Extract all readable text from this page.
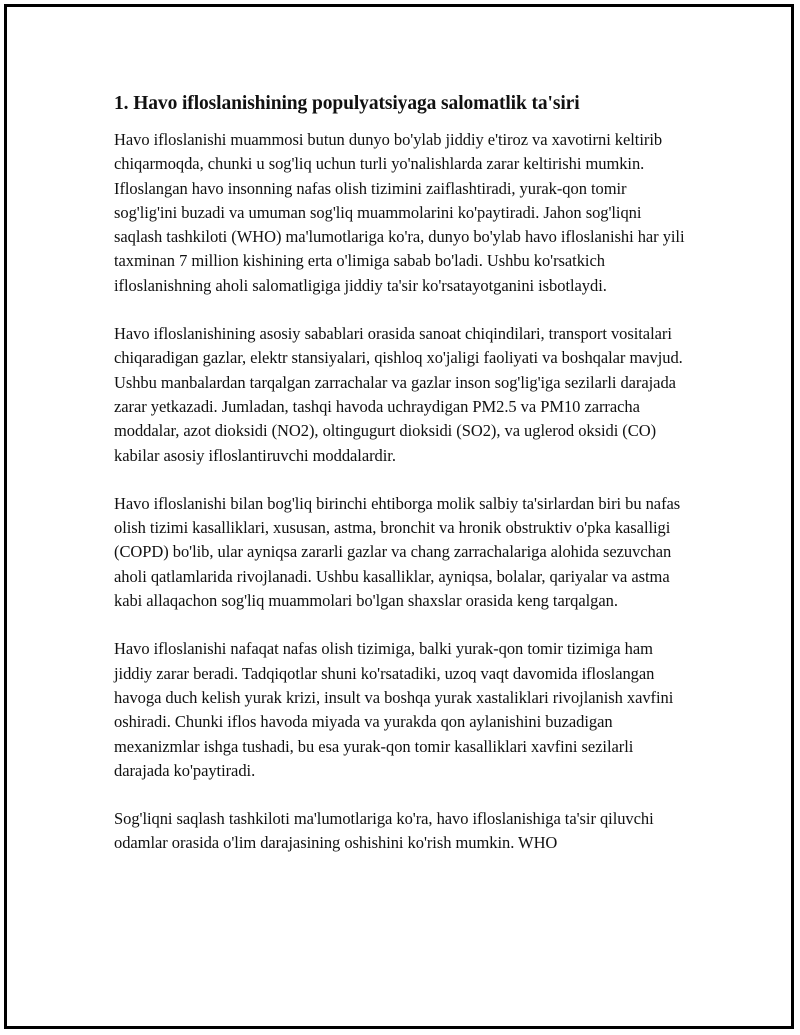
1. Havo ifloslanishining populyatsiyaga salomatlik ta'siri

Havo ifloslanishi muammosi butun dunyo bo'ylab jiddiy e'tiroz va xavotirni keltirib chiqarmoqda, chunki u sog'liq uchun turli yo'nalishlarda zarar keltirishi mumkin. Ifloslangan havo insonning nafas olish tizimini zaiflashtiradi, yurak-qon tomir sog'lig'ini buzadi va umuman sog'liq muammolarini ko'paytiradi. Jahon sog'liqni saqlash tashkiloti (WHO) ma'lumotlariga ko'ra, dunyo bo'ylab havo ifloslanishi har yili taxminan 7 million kishining erta o'limiga sabab bo'ladi. Ushbu ko'rsatkich ifloslanishning aholi salomatligiga jiddiy ta'sir ko'rsatayotganini isbotlaydi.

Havo ifloslanishining asosiy sabablari orasida sanoat chiqindilari, transport vositalari chiqaradigan gazlar, elektr stansiyalari, qishloq xo'jaligi faoliyati va boshqalar mavjud. Ushbu manbalardan tarqalgan zarrachalar va gazlar inson sog'lig'iga sezilarli darajada zarar yetkazadi. Jumladan, tashqi havoda uchraydigan PM2.5 va PM10 zarracha moddalar, azot dioksidi (NO2), oltingugurt dioksidi (SO2), va uglerod oksidi (CO) kabilar asosiy ifloslantiruvchi moddalardir.

Havo ifloslanishi bilan bog'liq birinchi ehtiborga molik salbiy ta'sirlardan biri bu nafas olish tizimi kasalliklari, xususan, astma, bronchit va hronik obstruktiv o'pka kasalligi (COPD) bo'lib, ular ayniqsa zararli gazlar va chang zarrachalariga alohida sezuvchan aholi qatlamlarida rivojlanadi. Ushbu kasalliklar, ayniqsa, bolalar, qariyalar va astma kabi allaqachon sog'liq muammolari bo'lgan shaxslar orasida keng tarqalgan.

Havo ifloslanishi nafaqat nafas olish tizimiga, balki yurak-qon tomir tizimiga ham jiddiy zarar beradi. Tadqiqotlar shuni ko'rsatadiki, uzoq vaqt davomida ifloslangan havoga duch kelish yurak krizi, insult va boshqa yurak xastaliklari rivojlanish xavfini oshiradi. Chunki iflos havoda miyada va yurakda qon aylanishini buzadigan mexanizmlar ishga tushadi, bu esa yurak-qon tomir kasalliklari xavfini sezilarli darajada ko'paytiradi.

Sog'liqni saqlash tashkiloti ma'lumotlariga ko'ra, havo ifloslanishiga ta'sir qiluvchi odamlar orasida o'lim darajasining oshishini ko'rish mumkin. WHO
